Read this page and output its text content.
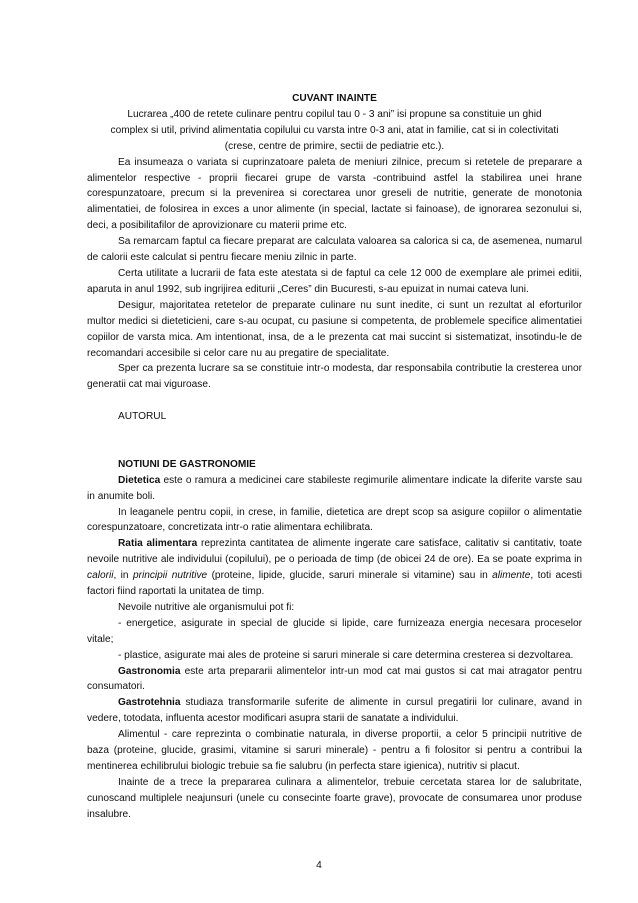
CUVANT INAINTE

Lucrarea „400 de retete culinare pentru copilul tau 0 - 3 ani” isi propune sa constituie un ghid

complex si util, privind alimentatia copilului cu varsta intre 0-3 ani, atat in familie, cat si in colectivitati

(crese, centre de primire, sectii de pediatrie etc.).

Ea insumeaza o variata si cuprinzatoare paleta de meniuri zilnice, precum si retetele de preparare a alimentelor respective - proprii fiecarei grupe de varsta -contribuind astfel la stabilirea unei hrane corespunzatoare, precum si la prevenirea si corectarea unor greseli de nutritie, generate de monotonia alimentatiei, de folosirea in exces a unor alimente (in special, lactate si fainoase), de ignorarea sezonului si, deci, a posibilitafilor de aprovizionare cu materii prime etc.

Sa remarcam faptul ca fiecare preparat are calculata valoarea sa calorica si ca, de asemenea, numarul de calorii este calculat si pentru fiecare meniu zilnic in parte.

Certa utilitate a lucrarii de fata este atestata si de faptul ca cele 12 000 de exemplare ale primei editii, aparuta in anul 1992, sub ingrijirea editurii „Ceres” din Bucuresti, s-au epuizat in numai cateva luni.

Desigur, majoritatea retetelor de preparate culinare nu sunt inedite, ci sunt un rezultat al eforturilor multor medici si dieteticieni, care s-au ocupat, cu pasiune si competenta, de problemele specifice alimentatiei copiilor de varsta mica. Am intentionat, insa, de a le prezenta cat mai succint si sistematizat, insotindu-le de recomandari accesibile si celor care nu au pregatire de specialitate.

Sper ca prezenta lucrare sa se constituie intr-o modesta, dar responsabila contributie la cresterea unor generatii cat mai viguroase.

AUTORUL

NOTIUNI DE GASTRONOMIE

Dietetica este o ramura a medicinei care stabileste regimurile alimentare indicate la diferite varste sau in anumite boli.

In leaganele pentru copii, in crese, in familie, dietetica are drept scop sa asigure copiilor o alimentatie corespunzatoare, concretizata intr-o ratie alimentara echilibrata.

Ratia alimentara reprezinta cantitatea de alimente ingerate care satisface, calitativ si cantitativ, toate nevoile nutritive ale individului (copilului), pe o perioada de timp (de obicei 24 de ore). Ea se poate exprima in calorii, in principii nutritive (proteine, lipide, glucide, saruri minerale si vitamine) sau in alimente, toti acesti factori fiind raportati la unitatea de timp.

Nevoile nutritive ale organismului pot fi:

- energetice, asigurate in special de glucide si lipide, care furnizeaza energia necesara proceselor vitale;

- plastice, asigurate mai ales de proteine si saruri minerale si care determina cresterea si dezvoltarea.

Gastronomia este arta prepararii alimentelor intr-un mod cat mai gustos si cat mai atragator pentru consumatori.

Gastrotehnia studiaza transformarile suferite de alimente in cursul pregatirii lor culinare, avand in vedere, totodata, influenta acestor modificari asupra starii de sanatate a individului.

Alimentul - care reprezinta o combinatie naturala, in diverse proportii, a celor 5 principii nutritive de baza (proteine, glucide, grasimi, vitamine si saruri minerale) - pentru a fi folositor si pentru a contribui la mentinerea echilibrului biologic trebuie sa fie salubru (in perfecta stare igienica), nutritiv si placut.

Inainte de a trece la prepararea culinara a alimentelor, trebuie cercetata starea lor de salubritate, cunoscand multiplele neajunsuri (unele cu consecinte foarte grave), provocate de consumarea unor produse insalubre.

4
